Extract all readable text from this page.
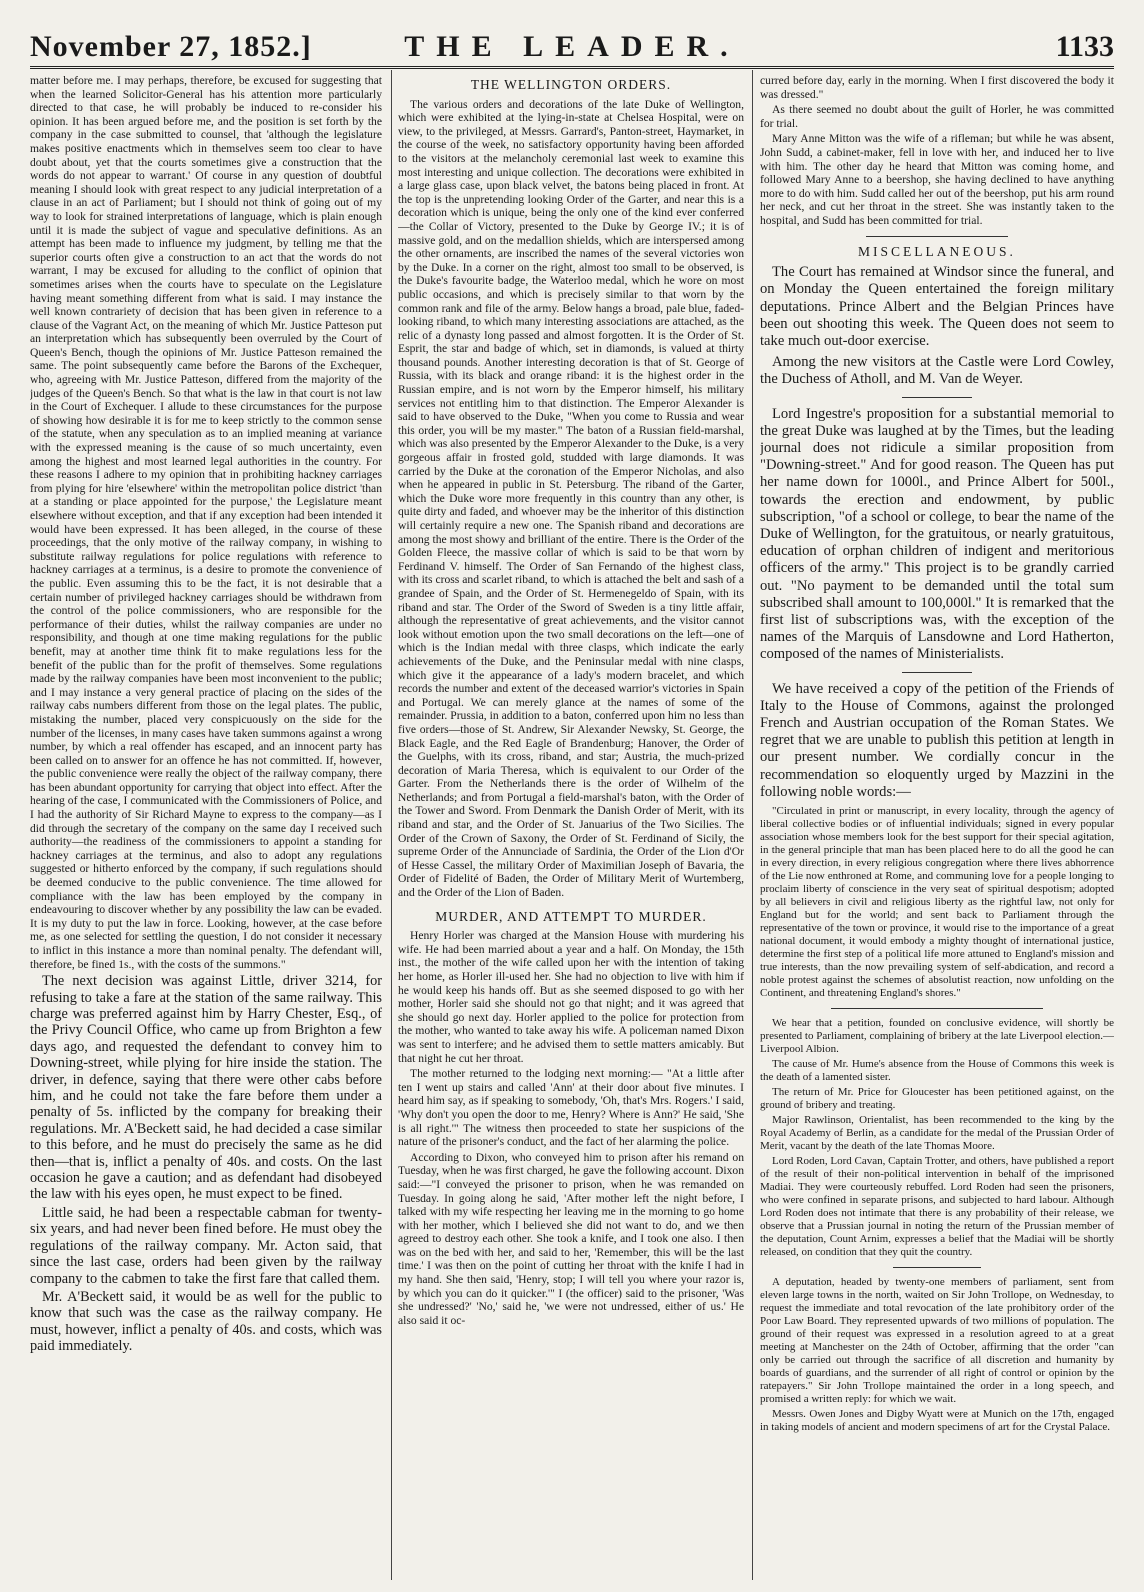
THE LEADER.
November 27, 1852.]	1133

matter before me. I may perhaps, therefore, be excused for suggesting that when the learned Solicitor-General has his attention more particularly directed to that case, he will probably be induced to re-consider his opinion. It has been argued before me, and the position is set forth by the company in the case submitted to counsel, that 'although the legislature makes positive enactments which in themselves seem too clear to have doubt about, yet that the courts sometimes give a construction that the words do not appear to warrant.' Of course in any question of doubtful meaning I should look with great respect to any judicial interpretation of a clause in an act of Parliament; but I should not think of going out of my way to look for strained interpretations of language, which is plain enough until it is made the subject of vague and speculative definitions. As an attempt has been made to influence my judgment, by telling me that the superior courts often give a construction to an act that the words do not warrant, I may be excused for alluding to the conflict of opinion that sometimes arises when the courts have to speculate on the Legislature having meant something different from what is said. I may instance the well known contrariety of decision that has been given in reference to a clause of the Vagrant Act, on the meaning of which Mr. Justice Patteson put an interpretation which has subsequently been overruled by the Court of Queen's Bench, though the opinions of Mr. Justice Patteson remained the same. The point subsequently came before the Barons of the Exchequer, who, agreeing with Mr. Justice Patteson, differed from the majority of the judges of the Queen's Bench. So that what is the law in that court is not law in the Court of Exchequer. I allude to these circumstances for the purpose of showing how desirable it is for me to keep strictly to the common sense of the statute, when any speculation as to an implied meaning at variance with the expressed meaning is the cause of so much uncertainty, even among the highest and most learned legal authorities in the country. For these reasons I adhere to my opinion that in prohibiting hackney carriages from plying for hire 'elsewhere' within the metropolitan police district 'than at a standing or place appointed for the purpose,' the Legislature meant elsewhere without exception, and that if any exception had been intended it would have been expressed. It has been alleged, in the course of these proceedings, that the only motive of the railway company, in wishing to substitute railway regulations for police regulations with reference to hackney carriages at a terminus, is a desire to promote the convenience of the public. Even assuming this to be the fact, it is not desirable that a certain number of privileged hackney carriages should be withdrawn from the control of the police commissioners, who are responsible for the performance of their duties, whilst the railway companies are under no responsibility, and though at one time making regulations for the public benefit, may at another time think fit to make regulations less for the benefit of the public than for the profit of themselves. Some regulations made by the railway companies have been most inconvenient to the public; and I may instance a very general practice of placing on the sides of the railway cabs numbers different from those on the legal plates. The public, mistaking the number, placed very conspicuously on the side for the number of the licenses, in many cases have taken summons against a wrong number, by which a real offender has escaped, and an innocent party has been called on to answer for an offence he has not committed. If, however, the public convenience were really the object of the railway company, there has been abundant opportunity for carrying that object into effect. After the hearing of the case, I communicated with the Commissioners of Police, and I had the authority of Sir Richard Mayne to express to the company—as I did through the secretary of the company on the same day I received such authority—the readiness of the commissioners to appoint a standing for hackney carriages at the terminus, and also to adopt any regulations suggested or hitherto enforced by the company, if such regulations should be deemed conducive to the public convenience. The time allowed for compliance with the law has been employed by the company in endeavouring to discover whether by any possibility the law can be evaded. It is my duty to put the law in force. Looking, however, at the case before me, as one selected for settling the question, I do not consider it necessary to inflict in this instance a more than nominal penalty. The defendant will, therefore, be fined 1s., with the costs of the summons."

The next decision was against Little, driver 3214, for refusing to take a fare at the station of the same railway. This charge was preferred against him by Harry Chester, Esq., of the Privy Council Office, who came up from Brighton a few days ago, and requested the defendant to convey him to Downing-street, while plying for hire inside the station. The driver, in defence, saying that there were other cabs before him, and he could not take the fare before them under a penalty of 5s. inflicted by the company for breaking their regulations. Mr. A'Beckett said, he had decided a case similar to this before, and he must do precisely the same as he did then—that is, inflict a penalty of 40s. and costs. On the last occasion he gave a caution; and as defendant had disobeyed the law with his eyes open, he must expect to be fined.

Little said, he had been a respectable cabman for twenty-six years, and had never been fined before. He must obey the regulations of the railway company. Mr. Acton said, that since the last case, orders had been given by the railway company to the cabmen to take the first fare that called them.

Mr. A'Beckett said, it would be as well for the public to know that such was the case as the railway company. He must, however, inflict a penalty of 40s. and costs, which was paid immediately.

THE WELLINGTON ORDERS.

The various orders and decorations of the late Duke of Wellington, which were exhibited at the lying-in-state at Chelsea Hospital, were on view, to the privileged, at Messrs. Garrard's, Panton-street, Haymarket, in the course of the week, no satisfactory opportunity having been afforded to the visitors at the melancholy ceremonial last week to examine this most interesting and unique collection. The decorations were exhibited in a large glass case, upon black velvet, the batons being placed in front. At the top is the unpretending looking Order of the Garter, and near this is a decoration which is unique, being the only one of the kind ever conferred—the Collar of Victory, presented to the Duke by George IV.; it is of massive gold, and on the medallion shields, which are interspersed among the other ornaments, are inscribed the names of the several victories won by the Duke. In a corner on the right, almost too small to be observed, is the Duke's favourite badge, the Waterloo medal, which he wore on most public occasions, and which is precisely similar to that worn by the common rank and file of the army. Below hangs a broad, pale blue, faded-looking riband, to which many interesting associations are attached, as the relic of a dynasty long passed and almost forgotten. It is the Order of St. Esprit, the star and badge of which, set in diamonds, is valued at thirty thousand pounds. Another interesting decoration is that of St. George of Russia, with its black and orange riband: it is the highest order in the Russian empire, and is not worn by the Emperor himself, his military services not entitling him to that distinction. The Emperor Alexander is said to have observed to the Duke, "When you come to Russia and wear this order, you will be my master." The baton of a Russian field-marshal, which was also presented by the Emperor Alexander to the Duke, is a very gorgeous affair in frosted gold, studded with large diamonds. It was carried by the Duke at the coronation of the Emperor Nicholas, and also when he appeared in public in St. Petersburg. The riband of the Garter, which the Duke wore more frequently in this country than any other, is quite dirty and faded, and whoever may be the inheritor of this distinction will certainly require a new one. The Spanish riband and decorations are among the most showy and brilliant of the entire. There is the Order of the Golden Fleece, the massive collar of which is said to be that worn by Ferdinand V. himself. The Order of San Fernando of the highest class, with its cross and scarlet riband, to which is attached the belt and sash of a grandee of Spain, and the Order of St. Hermenegeldo of Spain, with its riband and star. The Order of the Sword of Sweden is a tiny little affair, although the representative of great achievements, and the visitor cannot look without emotion upon the two small decorations on the left—one of which is the Indian medal with three clasps, which indicate the early achievements of the Duke, and the Peninsular medal with nine clasps, which give it the appearance of a lady's modern bracelet, and which records the number and extent of the deceased warrior's victories in Spain and Portugal. We can merely glance at the names of some of the remainder. Prussia, in addition to a baton, conferred upon him no less than five orders—those of St. Andrew, Sir Alexander Newsky, St. George, the Black Eagle, and the Red Eagle of Brandenburg; Hanover, the Order of the Guelphs, with its cross, riband, and star; Austria, the much-prized decoration of Maria Theresa, which is equivalent to our Order of the Garter. From the Netherlands there is the order of Wilhelm of the Netherlands; and from Portugal a field-marshal's baton, with the Order of the Tower and Sword. From Denmark the Danish Order of Merit, with its riband and star, and the Order of St. Januarius of the Two Sicilies. The Order of the Crown of Saxony, the Order of St. Ferdinand of Sicily, the supreme Order of the Annunciade of Sardinia, the Order of the Lion d'Or of Hesse Cassel, the military Order of Maximilian Joseph of Bavaria, the Order of Fidelité of Baden, the Order of Military Merit of Wurtemberg, and the Order of the Lion of Baden.

MURDER, AND ATTEMPT TO MURDER.

Henry Horler was charged at the Mansion House with murdering his wife. He had been married about a year and a half. On Monday, the 15th inst., the mother of the wife called upon her with the intention of taking her home, as Horler ill-used her. She had no objection to live with him if he would keep his hands off. But as she seemed disposed to go with her mother, Horler said she should not go that night; and it was agreed that she should go next day. Horler applied to the police for protection from the mother, who wanted to take away his wife. A policeman named Dixon was sent to interfere; and he advised them to settle matters amicably. But that night he cut her throat.

The mother returned to the lodging next morning:— "At a little after ten I went up stairs and called 'Ann' at their door about five minutes. I heard him say, as if speaking to somebody, 'Oh, that's Mrs. Rogers.' I said, 'Why don't you open the door to me, Henry? Where is Ann?' He said, 'She is all right.'" The witness then proceeded to state her suspicions of the nature of the prisoner's conduct, and the fact of her alarming the police.

According to Dixon, who conveyed him to prison after his remand on Tuesday, when he was first charged, he gave the following account. Dixon said:—"I conveyed the prisoner to prison, when he was remanded on Tuesday. In going along he said, 'After mother left the night before, I talked with my wife respecting her leaving me in the morning to go home with her mother, which I believed she did not want to do, and we then agreed to destroy each other. She took a knife, and I took one also. I then was on the bed with her, and said to her, 'Remember, this will be the last time.' I was then on the point of cutting her throat with the knife I had in my hand. She then said, 'Henry, stop; I will tell you where your razor is, by which you can do it quicker.'" I (the officer) said to the prisoner, 'Was she undressed?' 'No,' said he, 'we were not undressed, either of us.' He also said it oc-

curred before day, early in the morning. When I first discovered the body it was dressed."

As there seemed no doubt about the guilt of Horler, he was committed for trial.

Mary Anne Mitton was the wife of a rifleman; but while he was absent, John Sudd, a cabinet-maker, fell in love with her, and induced her to live with him. The other day he heard that Mitton was coming home, and followed Mary Anne to a beershop, she having declined to have anything more to do with him. Sudd called her out of the beershop, put his arm round her neck, and cut her throat in the street. She was instantly taken to the hospital, and Sudd has been committed for trial.

MISCELLANEOUS.

The Court has remained at Windsor since the funeral, and on Monday the Queen entertained the foreign military deputations. Prince Albert and the Belgian Princes have been out shooting this week. The Queen does not seem to take much out-door exercise.

Among the new visitors at the Castle were Lord Cowley, the Duchess of Atholl, and M. Van de Weyer.

Lord Ingestre's proposition for a substantial memorial to the great Duke was laughed at by the Times, but the leading journal does not ridicule a similar proposition from "Downing-street." And for good reason. The Queen has put her name down for 1000l., and Prince Albert for 500l., towards the erection and endowment, by public subscription, "of a school or college, to bear the name of the Duke of Wellington, for the gratuitous, or nearly gratuitous, education of orphan children of indigent and meritorious officers of the army." This project is to be grandly carried out. "No payment to be demanded until the total sum subscribed shall amount to 100,000l." It is remarked that the first list of subscriptions was, with the exception of the names of the Marquis of Lansdowne and Lord Hatherton, composed of the names of Ministerialists.

We have received a copy of the petition of the Friends of Italy to the House of Commons, against the prolonged French and Austrian occupation of the Roman States. We regret that we are unable to publish this petition at length in our present number. We cordially concur in the recommendation so eloquently urged by Mazzini in the following noble words:—

"Circulated in print or manuscript, in every locality, through the agency of liberal collective bodies or of influential individuals; signed in every popular association whose members look for the best support for their special agitation, in the general principle that man has been placed here to do all the good he can in every direction, in every religious congregation where there lives abhorrence of the Lie now enthroned at Rome, and communing love for a people longing to proclaim liberty of conscience in the very seat of spiritual despotism; adopted by all believers in civil and religious liberty as the rightful law, not only for England but for the world; and sent back to Parliament through the representative of the town or province, it would rise to the importance of a great national document, it would embody a mighty thought of international justice, determine the first step of a political life more attuned to England's mission and true interests, than the now prevailing system of self-abdication, and record a noble protest against the schemes of absolutist reaction, now unfolding on the Continent, and threatening England's shores."

We hear that a petition, founded on conclusive evidence, will shortly be presented to Parliament, complaining of bribery at the late Liverpool election.—Liverpool Albion.

The cause of Mr. Hume's absence from the House of Commons this week is the death of a lamented sister.

The return of Mr. Price for Gloucester has been petitioned against, on the ground of bribery and treating.

Major Rawlinson, Orientalist, has been recommended to the king by the Royal Academy of Berlin, as a candidate for the medal of the Prussian Order of Merit, vacant by the death of the late Thomas Moore.

Lord Roden, Lord Cavan, Captain Trotter, and others, have published a report of the result of their non-political intervention in behalf of the imprisoned Madiai. They were courteously rebuffed. Lord Roden had seen the prisoners, who were confined in separate prisons, and subjected to hard labour. Although Lord Roden does not intimate that there is any probability of their release, we observe that a Prussian journal in noting the return of the Prussian member of the deputation, Count Arnim, expresses a belief that the Madiai will be shortly released, on condition that they quit the country.

A deputation, headed by twenty-one members of parliament, sent from eleven large towns in the north, waited on Sir John Trollope, on Wednesday, to request the immediate and total revocation of the late prohibitory order of the Poor Law Board. They represented upwards of two millions of population. The ground of their request was expressed in a resolution agreed to at a great meeting at Manchester on the 24th of October, affirming that the order "can only be carried out through the sacrifice of all discretion and humanity by boards of guardians, and the surrender of all right of control or opinion by the ratepayers." Sir John Trollope maintained the order in a long speech, and promised a written reply: for which we wait.

Messrs. Owen Jones and Digby Wyatt were at Munich on the 17th, engaged in taking models of ancient and modern specimens of art for the Crystal Palace.
